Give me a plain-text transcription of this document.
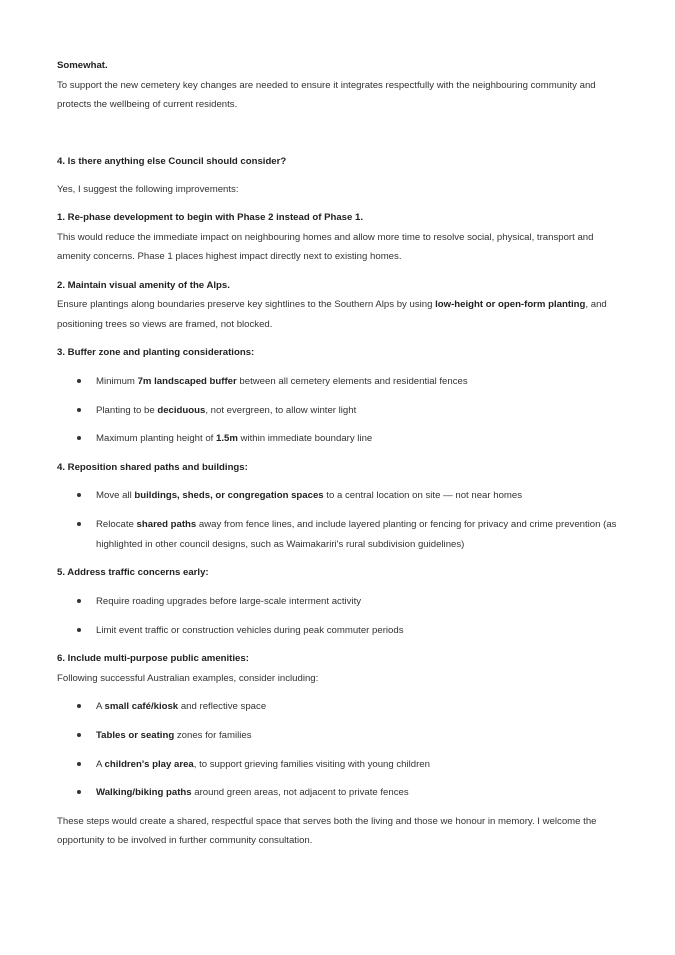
Somewhat.
To support the new cemetery key changes are needed to ensure it integrates respectfully with the neighbouring community and
protects the wellbeing of current residents.
4. Is there anything else Council should consider?
Yes, I suggest the following improvements:
1. Re-phase development to begin with Phase 2 instead of Phase 1.
This would reduce the immediate impact on neighbouring homes and allow more time to resolve social, physical, transport and
amenity concerns. Phase 1 places highest impact directly next to existing homes.
2. Maintain visual amenity of the Alps.
Ensure plantings along boundaries preserve key sightlines to the Southern Alps by using low-height or open-form planting, and
positioning trees so views are framed, not blocked.
3. Buffer zone and planting considerations:
Minimum 7m landscaped buffer between all cemetery elements and residential fences
Planting to be deciduous, not evergreen, to allow winter light
Maximum planting height of 1.5m within immediate boundary line
4. Reposition shared paths and buildings:
Move all buildings, sheds, or congregation spaces to a central location on site — not near homes
Relocate shared paths away from fence lines, and include layered planting or fencing for privacy and crime prevention (as
highlighted in other council designs, such as Waimakariri's rural subdivision guidelines)
5. Address traffic concerns early:
Require roading upgrades before large-scale interment activity
Limit event traffic or construction vehicles during peak commuter periods
6. Include multi-purpose public amenities:
Following successful Australian examples, consider including:
A small café/kiosk and reflective space
Tables or seating zones for families
A children's play area, to support grieving families visiting with young children
Walking/biking paths around green areas, not adjacent to private fences
These steps would create a shared, respectful space that serves both the living and those we honour in memory. I welcome the
opportunity to be involved in further community consultation.
